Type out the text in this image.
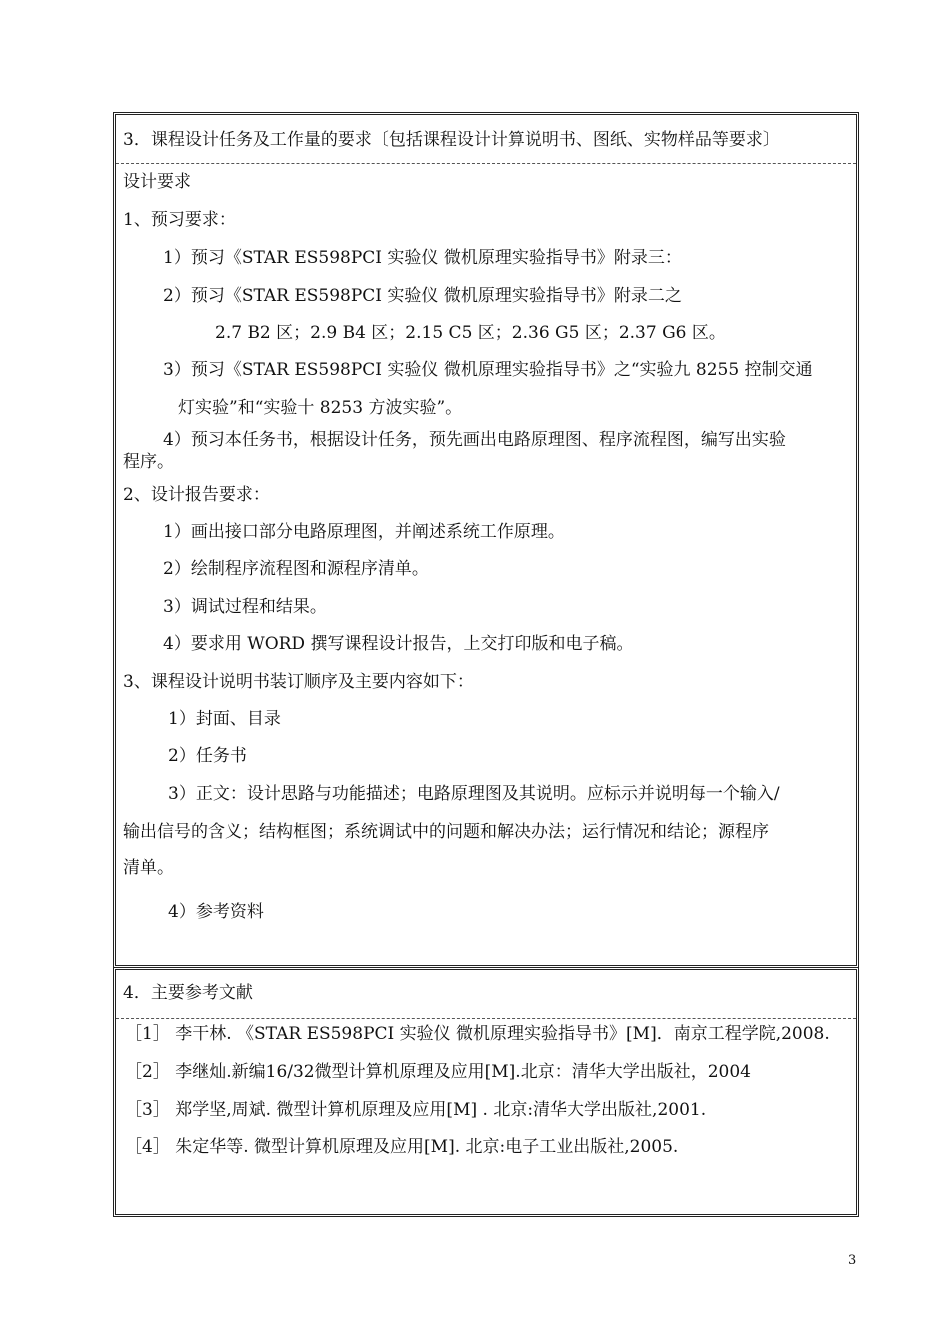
3．课程设计任务及工作量的要求〔包括课程设计计算说明书、图纸、实物样品等要求〕
设计要求
1、预习要求：
1）预习《STAR ES598PCI 实验仪 微机原理实验指导书》附录三：
2）预习《STAR ES598PCI 实验仪 微机原理实验指导书》附录二之
2.7 B2 区；2.9 B4 区；2.15 C5 区；2.36 G5 区；2.37 G6 区。
3）预习《STAR ES598PCI 实验仪 微机原理实验指导书》之“实验九 8255 控制交通
灯实验”和“实验十 8253 方波实验”。
4）预习本任务书，根据设计任务，预先画出电路原理图、程序流程图，编写出实验
程序。
2、设计报告要求：
1）画出接口部分电路原理图，并阐述系统工作原理。
2）绘制程序流程图和源程序清单。
3）调试过程和结果。
4）要求用 WORD 撰写课程设计报告，上交打印版和电子稿。
3、课程设计说明书装订顺序及主要内容如下：
1）封面、目录
2）任务书
3）正文：设计思路与功能描述；电路原理图及其说明。应标示并说明每一个输入/
输出信号的含义；结构框图；系统调试中的问题和解决办法；运行情况和结论；源程序
清单。
4）参考资料
4．主要参考文献
［1］ 李干林. 《STAR ES598PCI 实验仪 微机原理实验指导书》[M]．南京工程学院,2008.
［2］ 李继灿.新编16/32微型计算机原理及应用[M].北京：清华大学出版社，2004
［3］ 郑学坚,周斌. 微型计算机原理及应用[M] . 北京:清华大学出版社,2001.
［4］ 朱定华等. 微型计算机原理及应用[M]. 北京:电子工业出版社,2005.
3
